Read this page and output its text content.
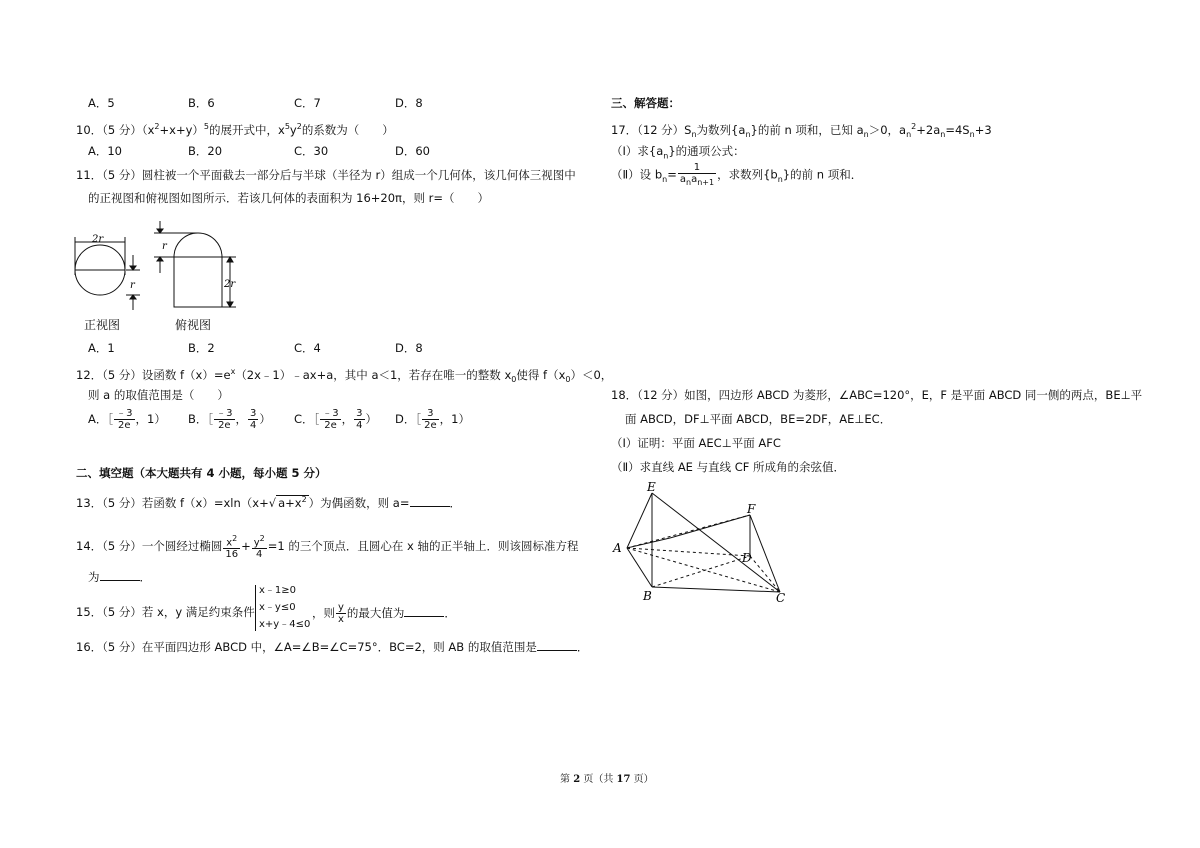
A．5	B．6	C．7	D．8
10．（5 分）$(x^2+x+y)^5$的展开式中，$x^5y^2$的系数为（　　）
A．10	B．20	C．30	D．60
11．（5 分）圆柱被一个平面截去一部分后与半球（半径为 r）组成一个几何体，该几何体三视图中
的正视图和俯视图如图所示．若该几何体的表面积为 16+20π，则 r=（　　）
2r
r
r
2r
正视图	俯视图
A．1	B．2	C．4	D．8
12．（5 分）设函数 $f(x)=e^x(2x﹣1)﹣ax+a$，其中 a＜1，若存在唯一的整数 $x_0$使得 $f(x_0)<0$，
则 a 的取值范围是（　　）
A．［ $\frac{﹣3}{2e}$ ，1） B．［ $\frac{﹣3}{2e}$ ， $\frac{3}{4}$ ） C．［ $\frac{﹣3}{2e}$ ， $\frac{3}{4}$ ） D．［ $\frac{3}{2e}$ ，1）
二、填空题（本大题共有 4 小题，每小题 5 分）
13．（5 分）若函数 f（x）=xln（x+√ $a+x^2$ ）为偶函数，则 a=	．
14．（5 分）一个圆经过椭圆 $\frac{x^2}{16} + \frac{y^2}{4} =1$ 的三个顶点．且圆心在 x 轴的正半轴上．则该圆标准方程
为	．
15．（5 分）若 x，y 满足约束条件
x﹣1≥0
x﹣y≤0
x+y﹣4≤0
，则 $\frac{y}{x}$ 的最大值为	．
16．（5 分）在平面四边形 ABCD 中，∠A=∠B=∠C=75°．BC=2，则 AB 的取值范围是	．
三、解答题：
17．（12 分）$S_n$为数列$\{a_n\}$的前 n 项和，已知 $a_n>0$，$a_n^2+2a_n=4S_n+3$
（I）求$\{a_n\}$的通项公式：
（Ⅱ）设 $b_n= \frac{1}{a_na_{n+1}}$ ，求数列$\{b_n\}$的前 n 项和．
18．（12 分）如图，四边形 ABCD 为菱形，∠ABC=120°，E，F 是平面 ABCD 同一侧的两点，BE⊥平
面 ABCD，DF⊥平面 ABCD，BE=2DF，AE⊥EC．
（Ⅰ）证明：平面 AEC⊥平面 AFC
（Ⅱ）求直线 AE 与直线 CF 所成角的余弦值．
E
F
A
D
B	C
第 2 页（共 17 页）
